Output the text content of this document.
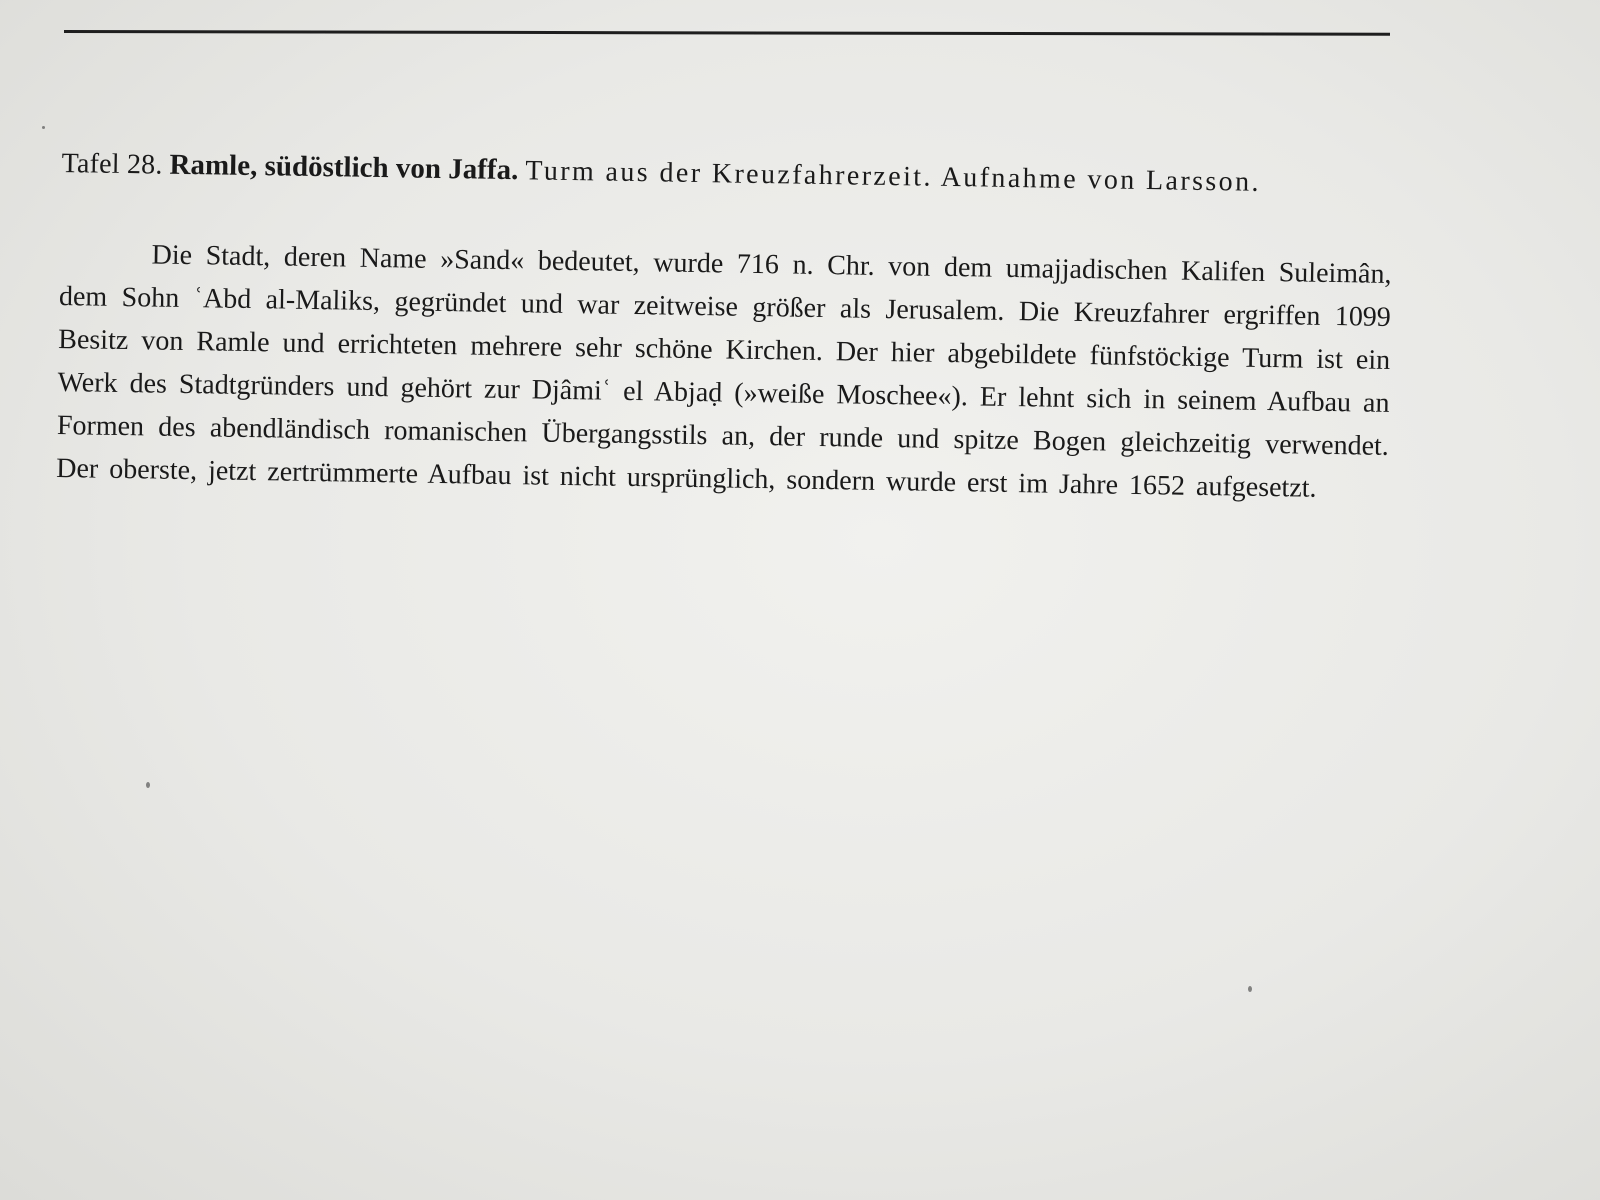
Tafel 28. Ramle, südöstlich von Jaffa. Turm aus der Kreuzfahrerzeit. Aufnahme von Larsson.

Die Stadt, deren Name »Sand« bedeutet, wurde 716 n. Chr. von dem umajjadischen Kalifen Suleimân, dem Sohn ʿAbd al-Maliks, gegründet und war zeitweise größer als Jerusalem. Die Kreuzfahrer ergriffen 1099 Besitz von Ramle und errichteten mehrere sehr schöne Kirchen. Der hier abgebildete fünfstöckige Turm ist ein Werk des Stadtgründers und gehört zur Djâmiʿ el Abjaḍ (»weiße Moschee«). Er lehnt sich in seinem Aufbau an Formen des abendländisch romanischen Übergangsstils an, der runde und spitze Bogen gleichzeitig verwendet. Der oberste, jetzt zertrümmerte Aufbau ist nicht ursprünglich, sondern wurde erst im Jahre 1652 aufgesetzt.
